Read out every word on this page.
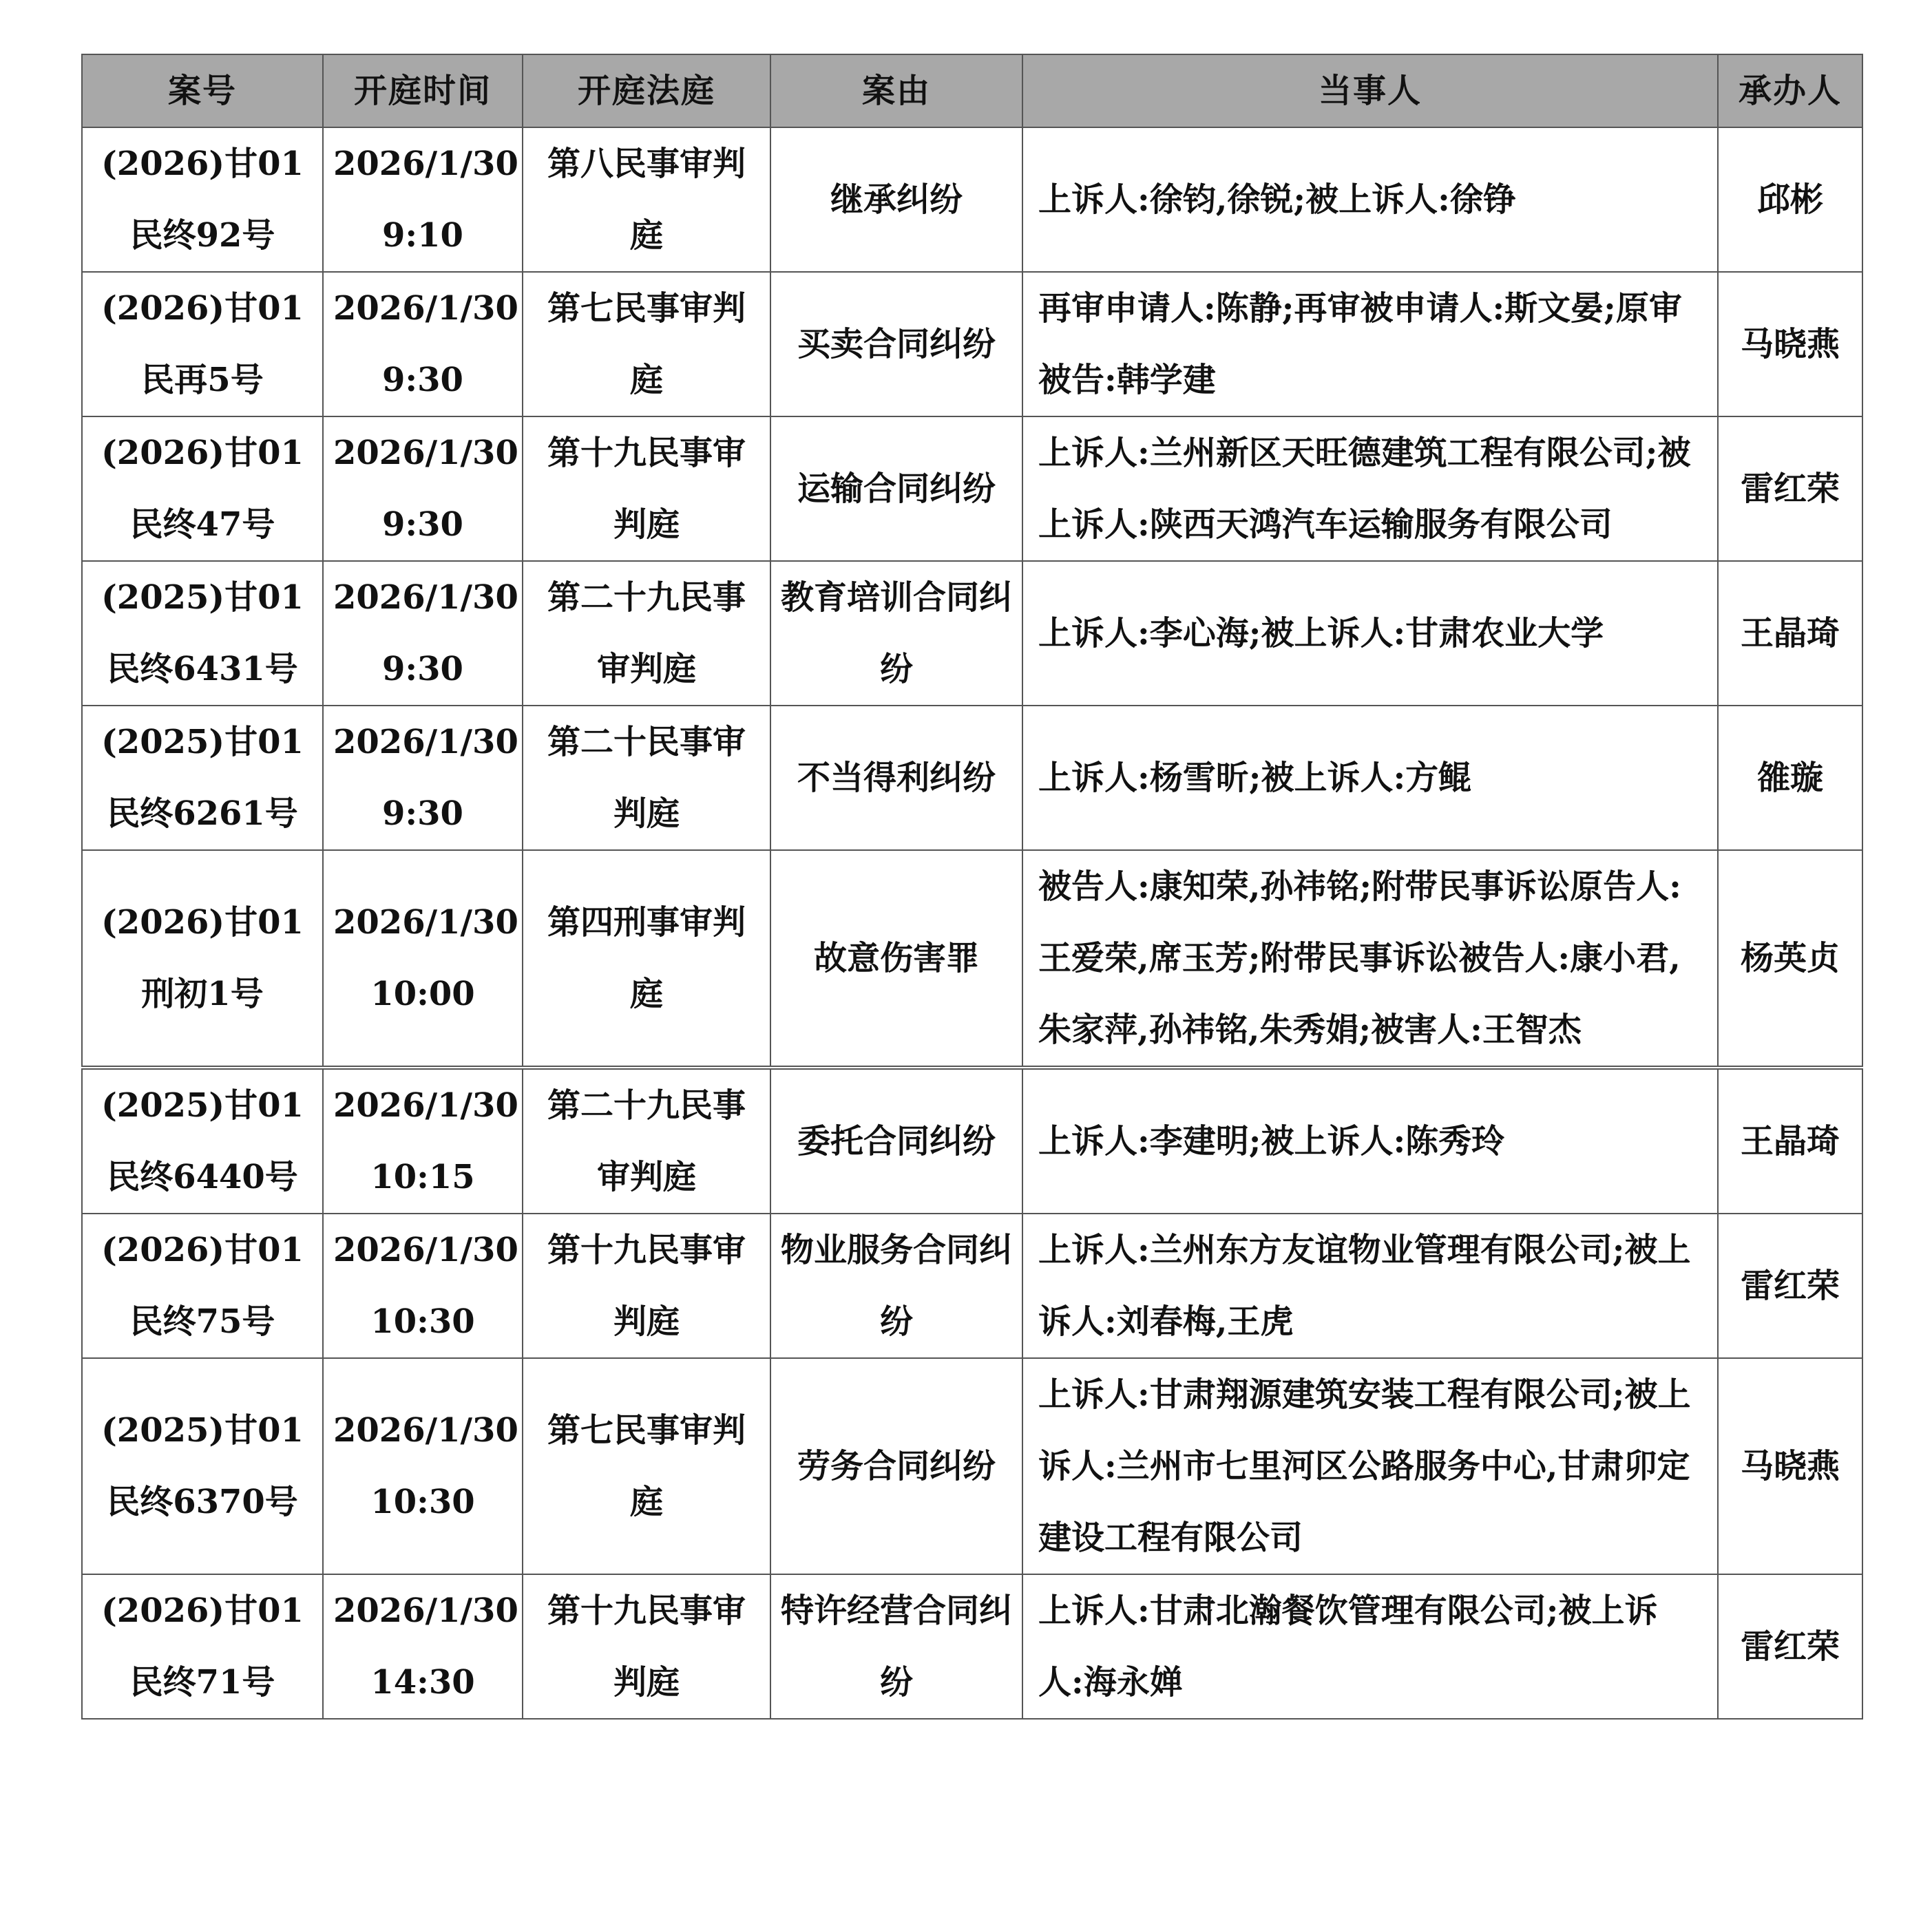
案号	开庭时间	开庭法庭	案由	当事人	承办人
(2026)甘01民终92号	2026/1/30 9:10	第八民事审判庭	继承纠纷	上诉人:徐钧,徐锐;被上诉人:徐铮	邱彬
(2026)甘01民再5号	2026/1/30 9:30	第七民事审判庭	买卖合同纠纷	再审申请人:陈静;再审被申请人:斯文晏;原审被告:韩学建	马晓燕
(2026)甘01民终47号	2026/1/30 9:30	第十九民事审判庭	运输合同纠纷	上诉人:兰州新区天旺德建筑工程有限公司;被上诉人:陕西天鸿汽车运输服务有限公司	雷红荣
(2025)甘01民终6431号	2026/1/30 9:30	第二十九民事审判庭	教育培训合同纠纷	上诉人:李心海;被上诉人:甘肃农业大学	王晶琦
(2025)甘01民终6261号	2026/1/30 9:30	第二十民事审判庭	不当得利纠纷	上诉人:杨雪昕;被上诉人:方鲲	雒璇
(2026)甘01刑初1号	2026/1/30 10:00	第四刑事审判庭	故意伤害罪	被告人:康知荣,孙祎铭;附带民事诉讼原告人:王爱荣,席玉芳;附带民事诉讼被告人:康小君,朱家萍,孙祎铭,朱秀娟;被害人:王智杰	杨英贞
(2025)甘01民终6440号	2026/1/30 10:15	第二十九民事审判庭	委托合同纠纷	上诉人:李建明;被上诉人:陈秀玲	王晶琦
(2026)甘01民终75号	2026/1/30 10:30	第十九民事审判庭	物业服务合同纠纷	上诉人:兰州东方友谊物业管理有限公司;被上诉人:刘春梅,王虎	雷红荣
(2025)甘01民终6370号	2026/1/30 10:30	第七民事审判庭	劳务合同纠纷	上诉人:甘肃翔源建筑安装工程有限公司;被上诉人:兰州市七里河区公路服务中心,甘肃卯定建设工程有限公司	马晓燕
(2026)甘01民终71号	2026/1/30 14:30	第十九民事审判庭	特许经营合同纠纷	上诉人:甘肃北瀚餐饮管理有限公司;被上诉人:海永婵	雷红荣
